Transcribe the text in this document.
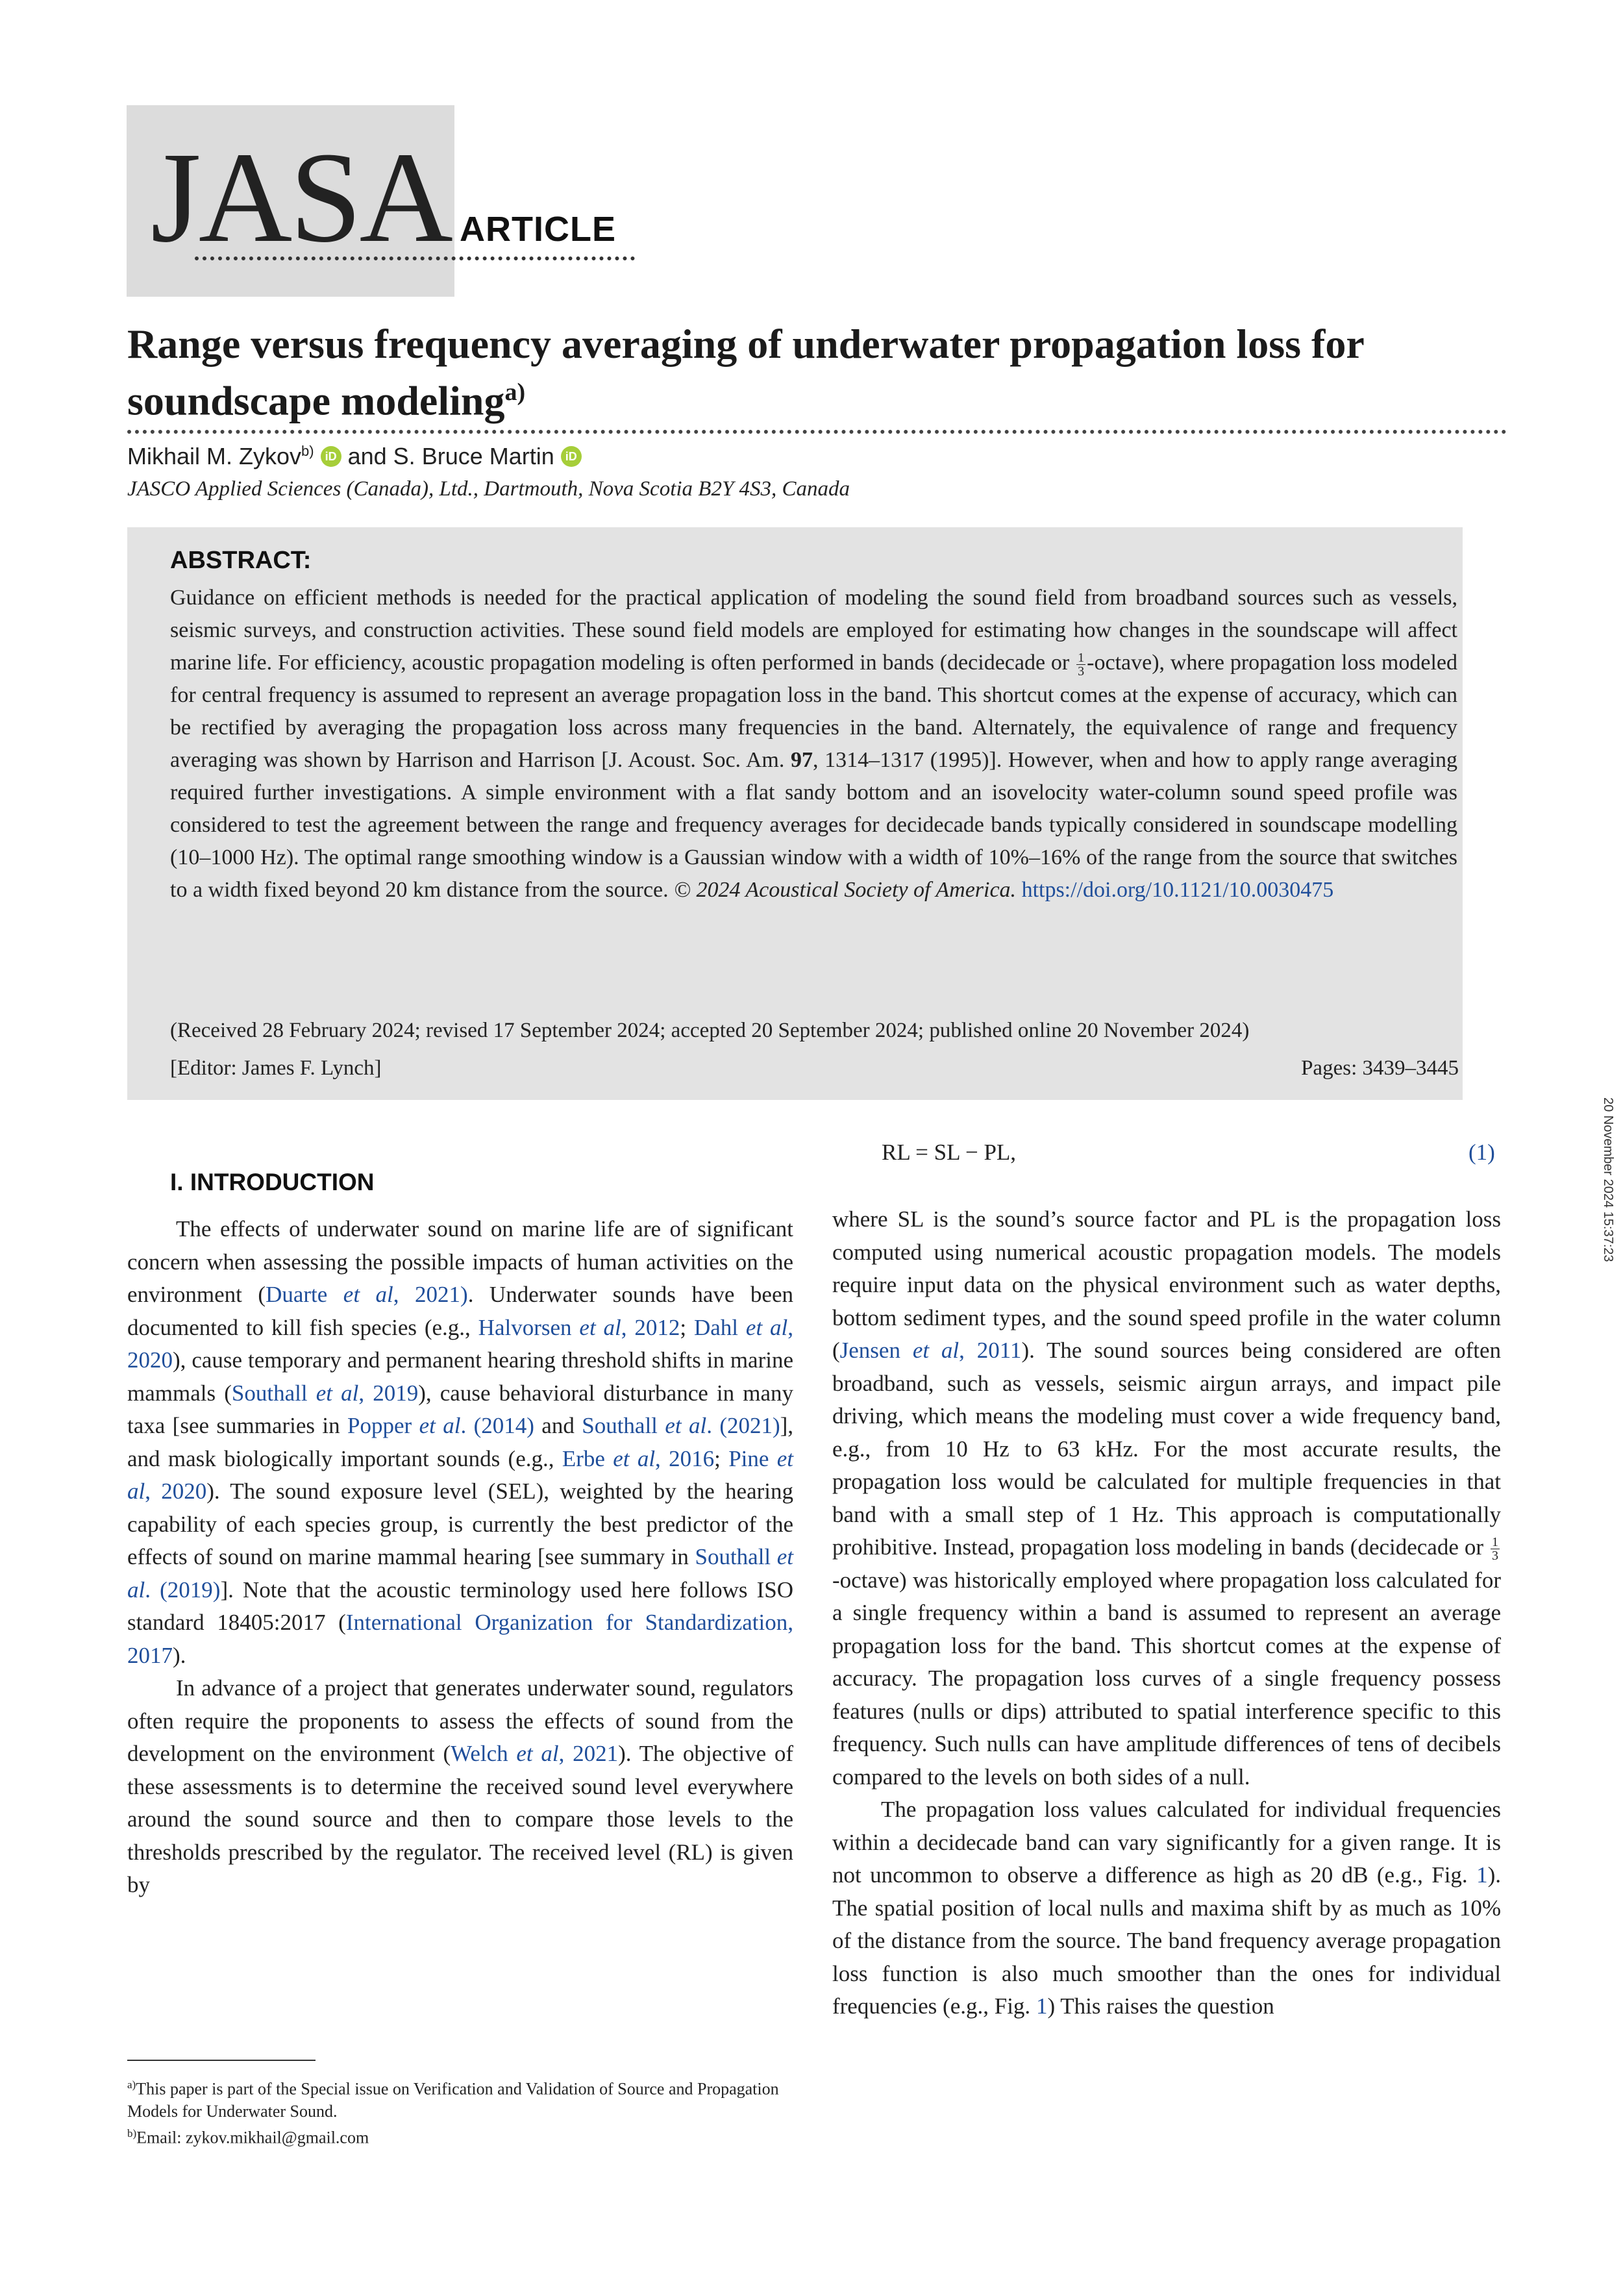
JASA ARTICLE
Range versus frequency averaging of underwater propagation loss for soundscape modeling$^{a)}$
Mikhail M. Zykov$^{b)}$ iD and S. Bruce Martin iD
JASCO Applied Sciences (Canada), Ltd., Dartmouth, Nova Scotia B2Y 4S3, Canada
ABSTRACT:
Guidance on efficient methods is needed for the practical application of modeling the sound field from broadband sources such as vessels, seismic surveys, and construction activities. These sound field models are employed for estimating how changes in the soundscape will affect marine life. For efficiency, acoustic propagation modeling is often performed in bands (decidecade or $\frac{1}{3}$ -octave), where propagation loss modeled for central frequency is assumed to represent an average propagation loss in the band. This shortcut comes at the expense of accuracy, which can be rectified by averaging the propagation loss across many frequencies in the band. Alternately, the equivalence of range and frequency averaging was shown by Harrison and Harrison [J. Acoust. Soc. Am. 97, 1314–1317 (1995)]. However, when and how to apply range averaging required further investigations. A simple environment with a flat sandy bottom and an isovelocity water-column sound speed profile was considered to test the agreement between the range and frequency averages for decidecade bands typically considered in soundscape modelling (10–1000 Hz). The optimal range smoothing window is a Gaussian window with a width of 10%–16% of the range from the source that switches to a width fixed beyond 20 km distance from the source. © 2024 Acoustical Society of America. https://doi.org/10.1121/10.0030475
(Received 28 February 2024; revised 17 September 2024; accepted 20 September 2024; published online 20 November 2024)
[Editor: James F. Lynch]	Pages: 3439–3445
20 November 2024 15:37:23
I. INTRODUCTION
RL = SL − PL,	(1)

The effects of underwater sound on marine life are of significant concern when assessing the possible impacts of human activities on the environment (Duarte et al, 2021). Underwater sounds have been documented to kill fish species (e.g., Halvorsen et al, 2012; Dahl et al, 2020), cause temporary and permanent hearing threshold shifts in marine mammals (Southall et al, 2019), cause behavioral disturbance in many taxa [see summaries in Popper et al. (2014) and Southall et al. (2021)], and mask biologically important sounds (e.g., Erbe et al, 2016; Pine et al, 2020). The sound exposure level (SEL), weighted by the hearing capability of each species group, is currently the best predictor of the effects of sound on marine mammal hearing [see summary in Southall et al. (2019)]. Note that the acoustic terminology used here follows ISO standard 18405:2017 (International Organization for Standardization, 2017).

In advance of a project that generates underwater sound, regulators often require the proponents to assess the effects of sound from the development on the environment (Welch et al, 2021). The objective of these assessments is to determine the received sound level everywhere around the sound source and then to compare those levels to the thresholds prescribed by the regulator. The received level (RL) is given by

where SL is the sound’s source factor and PL is the propagation loss computed using numerical acoustic propagation models. The models require input data on the physical environment such as water depths, bottom sediment types, and the sound speed profile in the water column (Jensen et al, 2011). The sound sources being considered are often broadband, such as vessels, seismic airgun arrays, and impact pile driving, which means the modeling must cover a wide frequency band, e.g., from 10 Hz to 63 kHz. For the most accurate results, the propagation loss would be calculated for multiple frequencies in that band with a small step of 1 Hz. This approach is computationally prohibitive. Instead, propagation loss modeling in bands (decidecade or $\frac{1}{3}$
-octave) was historically employed where propagation loss calculated for a single frequency within a band is assumed to represent an average propagation loss for the band. This shortcut comes at the expense of accuracy. The propagation loss curves of a single frequency possess features (nulls or dips) attributed to spatial interference specific to this frequency. Such nulls can have amplitude differences of tens of decibels compared to the levels on both sides of a null.

The propagation loss values calculated for individual frequencies within a decidecade band can vary significantly for a given range. It is not uncommon to observe a difference as high as 20 dB (e.g., Fig. 1). The spatial position of local nulls and maxima shift by as much as 10% of the distance from the source. The band frequency average propagation loss function is also much smoother than the ones for individual frequencies (e.g., Fig. 1) This raises the question

$^{a)}$This paper is part of the Special issue on Verification and Validation of Source and Propagation Models for Underwater Sound.

$^{b)}$Email: zykov.mikhail@gmail.com
